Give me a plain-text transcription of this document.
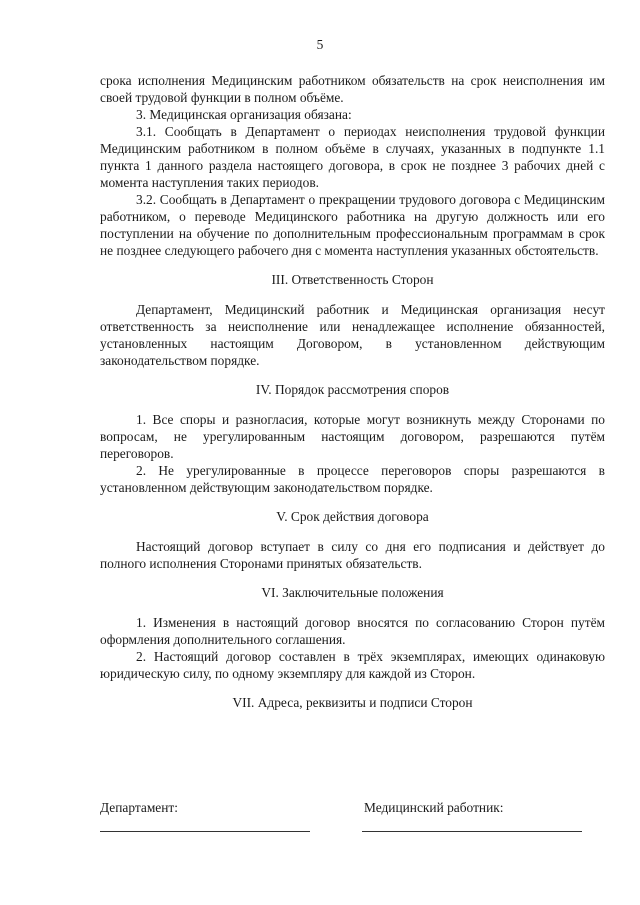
5

срока исполнения Медицинским работником обязательств на срок неисполнения им своей трудовой функции в полном объёме.

3. Медицинская организация обязана:

3.1. Сообщать в Департамент о периодах неисполнения трудовой функции Медицинским работником в полном объёме в случаях, указанных в подпункте 1.1 пункта 1 данного раздела настоящего договора, в срок не позднее 3 рабочих дней с момента наступления таких периодов.

3.2. Сообщать в Департамент о прекращении трудового договора с Медицинским работником, о переводе Медицинского работника на другую должность или его поступлении на обучение по дополнительным профессиональным программам в срок не позднее следующего рабочего дня с момента наступления указанных обстоятельств.

III. Ответственность Сторон

Департамент, Медицинский работник и Медицинская организация несут ответственность за неисполнение или ненадлежащее исполнение обязанностей, установленных настоящим Договором, в установленном действующим законодательством порядке.

IV. Порядок рассмотрения споров

1. Все споры и разногласия, которые могут возникнуть между Сторонами по вопросам, не урегулированным настоящим договором, разрешаются путём переговоров.

2. Не урегулированные в процессе переговоров споры разрешаются в установленном действующим законодательством порядке.

V. Срок действия договора

Настоящий договор вступает в силу со дня его подписания и действует до полного исполнения Сторонами принятых обязательств.

VI. Заключительные положения

1. Изменения в настоящий договор вносятся по согласованию Сторон путём оформления дополнительного соглашения.

2. Настоящий договор составлен в трёх экземплярах, имеющих одинаковую юридическую силу, по одному экземпляру для каждой из Сторон.

VII. Адреса, реквизиты и подписи Сторон
Департамент:	Медицинский работник:
